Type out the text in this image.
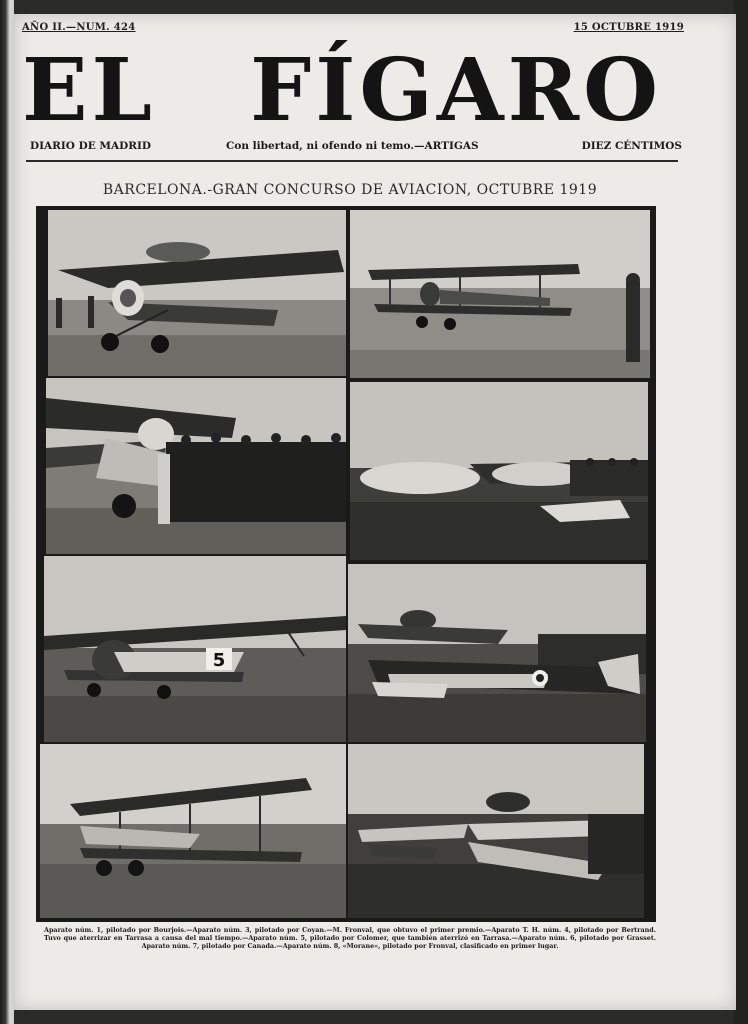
AÑO II.—NUM. 424	15 OCTUBRE 1919
EL FÍGARO
DIARIO DE MADRID	Con libertad, ni ofendo ni temo.—ARTIGAS	DIEZ CÉNTIMOS
BARCELONA.-GRAN CONCURSO DE AVIACION, OCTUBRE 1919
5
Aparato núm. 1, pilotado por Bourjois.—Aparato núm. 3, pilotado por Coyan.—M. Fronval, que obtuvo el primer premio.—Aparato T. H. núm. 4, pilotado por Bertrand. Tuvo que aterrizar en Tarrasa a causa del mal tiempo.—Aparato núm. 5, pilotado por Colomer, que también aterrizó en Tarrasa.—Aparato núm. 6, pilotado por Grasset. Aparato núm. 7, pilotado por Canada.—Aparato núm. 8, «Morane», pilotado por Fronval, clasificado en primer lugar.
